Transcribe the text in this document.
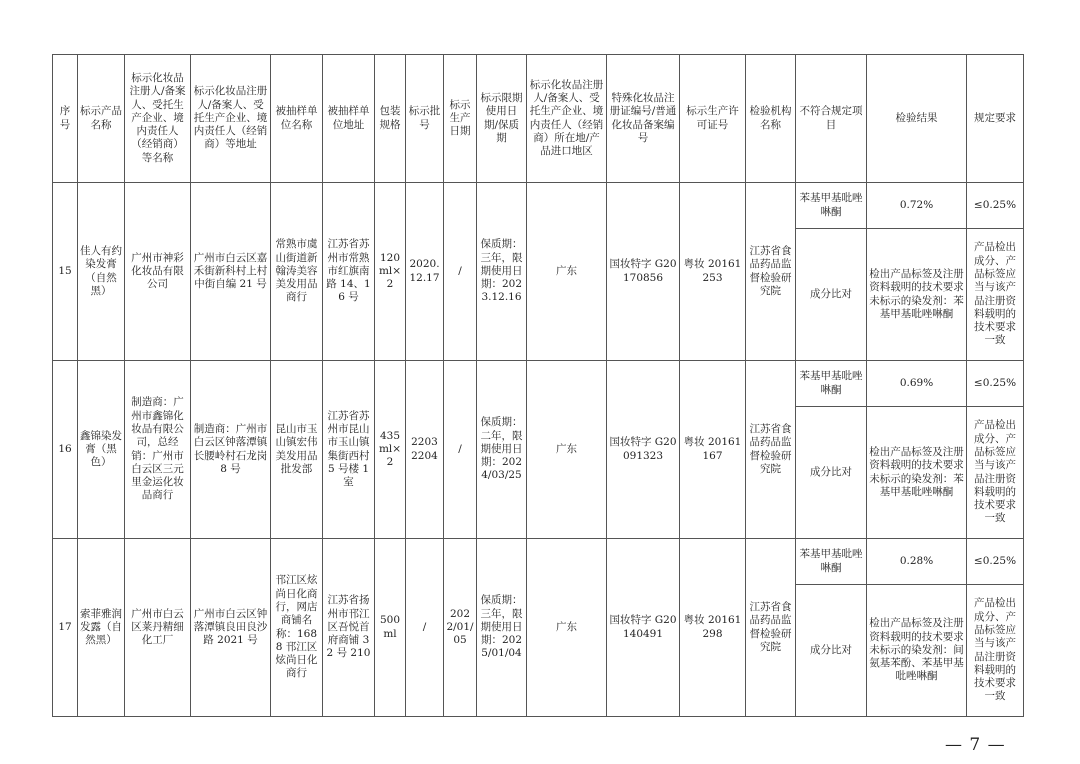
序号	标示产品名称	标示化妆品注册人/备案人、受托生产企业、境内责任人（经销商）等名称	标示化妆品注册人/备案人、受托生产企业、境内责任人（经销商）等地址	被抽样单位名称	被抽样单位地址	包装规格	标示批号	标示生产日期	标示限期使用日期/保质期	标示化妆品注册人/备案人、受托生产企业、境内责任人（经销商）所在地/产品进口地区	特殊化妆品注册证编号/普通化妆品备案编号	标示生产许可证号	检验机构名称	不符合规定项目	检验结果	规定要求
15	佳人有约染发膏（自然黑）	广州市神彩化妆品有限公司	广州市白云区嘉禾街新科村上村中街自编 21 号	常熟市虞山街道新翰涛美容美发用品商行	江苏省苏州市常熟市红旗南路 14、16 号	120 ml×2	2020.12.17	/	保质期：三年，限期使用日期：2023.12.16	广东	国妆特字 G20170856	粤妆 20161253	江苏省食品药品监督检验研究院	苯基甲基吡唑啉酮	0.72%	≤0.25%
														成分比对	检出产品标签及注册资料载明的技术要求未标示的染发剂：苯基甲基吡唑啉酮	产品检出成分、产品标签应当与该产品注册资料载明的技术要求一致
16	鑫锦染发膏（黑色）	制造商：广州市鑫锦化妆品有限公司，总经销：广州市白云区三元里金运化妆品商行	制造商：广州市白云区钟落潭镇长腰岭村石龙岗 8 号	昆山市玉山镇宏伟美发用品批发部	江苏省苏州市昆山市玉山镇集街西村 5 号楼 1 室	435 ml×2	22032204	/	保质期：二年，限期使用日期：2024/03/25	广东	国妆特字 G20091323	粤妆 20161167	江苏省食品药品监督检验研究院	苯基甲基吡唑啉酮	0.69%	≤0.25%
														成分比对	检出产品标签及注册资料载明的技术要求未标示的染发剂：苯基甲基吡唑啉酮	产品检出成分、产品标签应当与该产品注册资料载明的技术要求一致
17	索菲雅润发露（自然黑）	广州市白云区莱丹精细化工厂	广州市白云区钟落潭镇良田良沙路 2021 号	邗江区炫尚日化商行，网店商铺名称：1688 邗江区炫尚日化商行	江苏省扬州市邗江区吾悦首府商铺 32 号 210	500 ml	/	2022/01/05	保质期：三年，限期使用日期：2025/01/04	广东	国妆特字 G20140491	粤妆 20161298	江苏省食品药品监督检验研究院	苯基甲基吡唑啉酮	0.28%	≤0.25%
														成分比对	检出产品标签及注册资料载明的技术要求未标示的染发剂：间氨基苯酚、苯基甲基吡唑啉酮	产品检出成分、产品标签应当与该产品注册资料载明的技术要求一致
— 7 —
